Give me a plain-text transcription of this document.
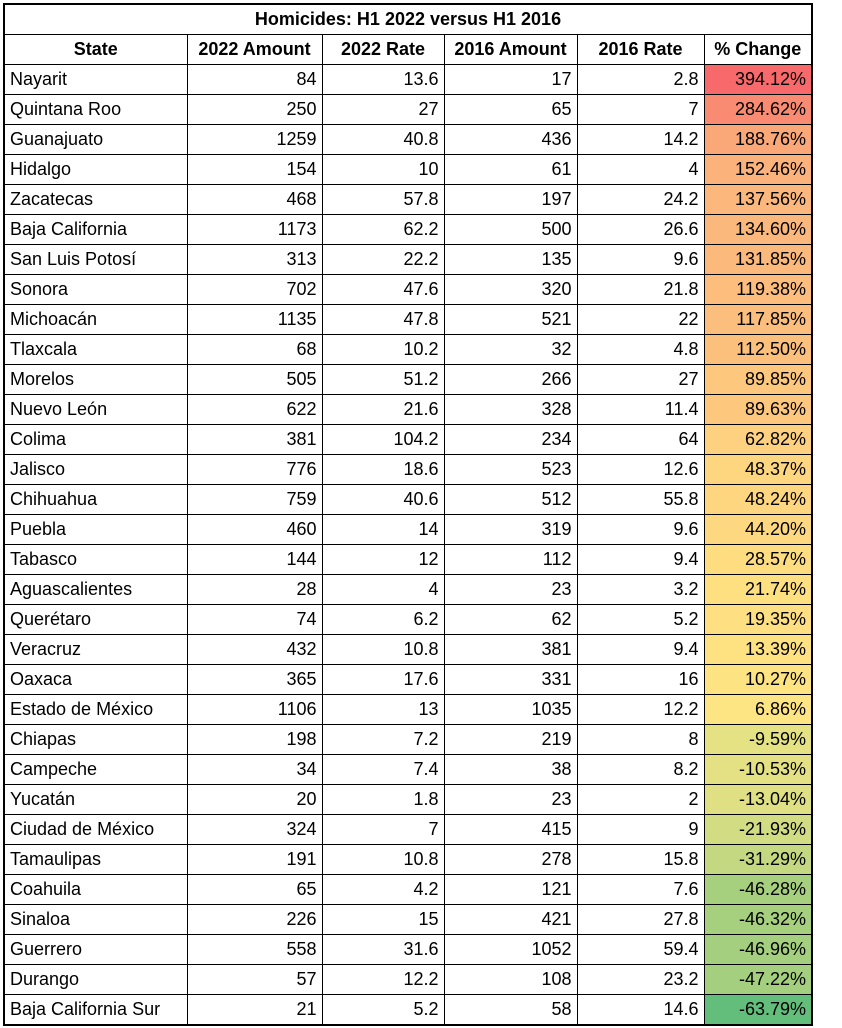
Homicides: H1 2022 versus H1 2016					
State	2022 Amount	2022 Rate	2016 Amount	2016 Rate	% Change
Nayarit	84	13.6	17	2.8	394.12%
Quintana Roo	250	27	65	7	284.62%
Guanajuato	1259	40.8	436	14.2	188.76%
Hidalgo	154	10	61	4	152.46%
Zacatecas	468	57.8	197	24.2	137.56%
Baja California	1173	62.2	500	26.6	134.60%
San Luis Potosí	313	22.2	135	9.6	131.85%
Sonora	702	47.6	320	21.8	119.38%
Michoacán	1135	47.8	521	22	117.85%
Tlaxcala	68	10.2	32	4.8	112.50%
Morelos	505	51.2	266	27	89.85%
Nuevo León	622	21.6	328	11.4	89.63%
Colima	381	104.2	234	64	62.82%
Jalisco	776	18.6	523	12.6	48.37%
Chihuahua	759	40.6	512	55.8	48.24%
Puebla	460	14	319	9.6	44.20%
Tabasco	144	12	112	9.4	28.57%
Aguascalientes	28	4	23	3.2	21.74%
Querétaro	74	6.2	62	5.2	19.35%
Veracruz	432	10.8	381	9.4	13.39%
Oaxaca	365	17.6	331	16	10.27%
Estado de México	1106	13	1035	12.2	6.86%
Chiapas	198	7.2	219	8	-9.59%
Campeche	34	7.4	38	8.2	-10.53%
Yucatán	20	1.8	23	2	-13.04%
Ciudad de México	324	7	415	9	-21.93%
Tamaulipas	191	10.8	278	15.8	-31.29%
Coahuila	65	4.2	121	7.6	-46.28%
Sinaloa	226	15	421	27.8	-46.32%
Guerrero	558	31.6	1052	59.4	-46.96%
Durango	57	12.2	108	23.2	-47.22%
Baja California Sur	21	5.2	58	14.6	-63.79%
